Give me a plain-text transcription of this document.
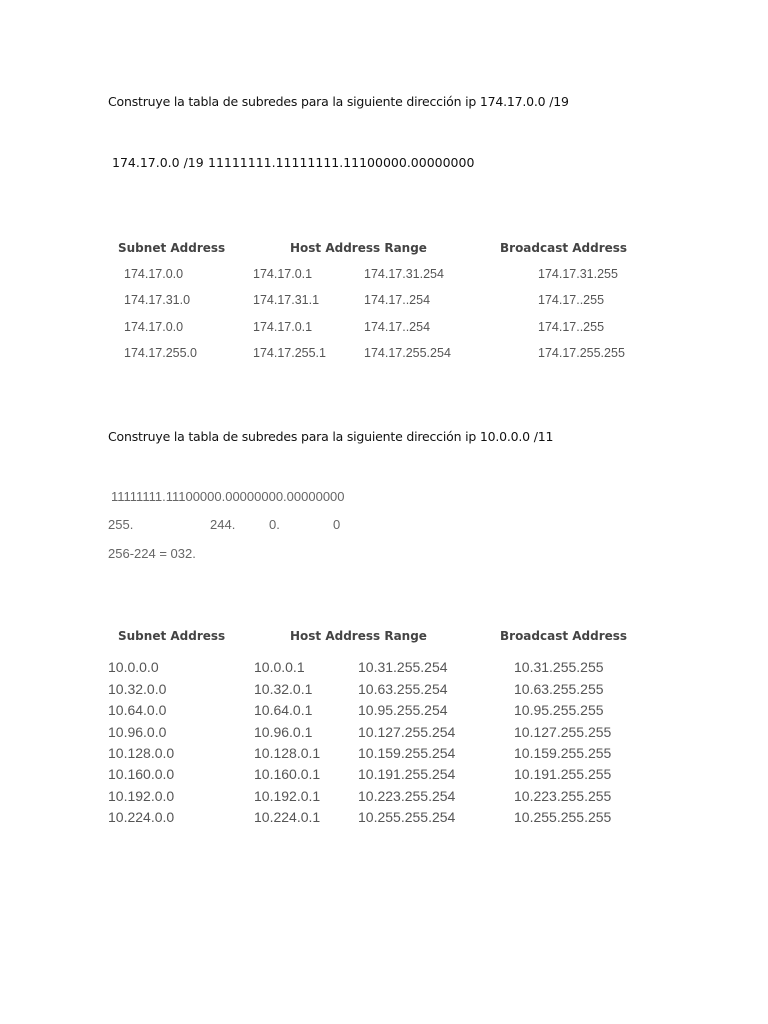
Construye la tabla de subredes para la siguiente dirección ip 174.17.0.0 /19
174.17.0.0 /19 11111111.11111111.11100000.00000000
Subnet Address	Host Address Range	Broadcast Address
174.17.0.0	174.17.0.1	174.17.31.254	174.17.31.255
174.17.31.0	174.17.31.1	174.17..254	174.17..255
174.17.0.0	174.17.0.1	174.17..254	174.17..255
174.17.255.0	174.17.255.1	174.17.255.254	174.17.255.255
Construye la tabla de subredes para la siguiente dirección ip 10.0.0.0 /11
11111111.11100000.00000000.00000000
255.	244.	0.	0
256-224 = 032.
Subnet Address	Host Address Range	Broadcast Address
10.0.0.0	10.0.0.1	10.31.255.254	10.31.255.255
10.32.0.0	10.32.0.1	10.63.255.254	10.63.255.255
10.64.0.0	10.64.0.1	10.95.255.254	10.95.255.255
10.96.0.0	10.96.0.1	10.127.255.254	10.127.255.255
10.128.0.0	10.128.0.1	10.159.255.254	10.159.255.255
10.160.0.0	10.160.0.1	10.191.255.254	10.191.255.255
10.192.0.0	10.192.0.1	10.223.255.254	10.223.255.255
10.224.0.0	10.224.0.1	10.255.255.254	10.255.255.255
